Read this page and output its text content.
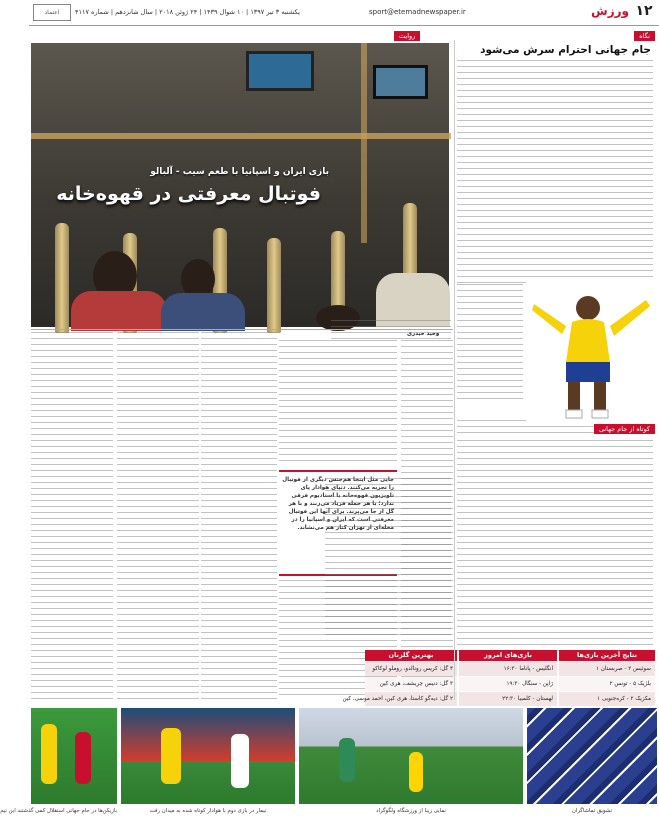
۱۲
ورزش
sport@etemadnewspaper.ir
یکشنبه ۳ تیر ۱۳۹۷ | ۱۰ شوال ۱۴۳۹ | ۲۴ ژوئن ۲۰۱۸ | سال شانزدهم | شماره ۴۱۱۷
اعتماد
روایت	نگاه
بازی ایران و اسپانیا با طعم سیب - آلبالو
فوتبال معرفتی در قهوه‌خانه
جام جهانی احترام سرش می‌شود
وحید حیدری
جایی مثل اینجا هم‌جنس دیگری از فوتبال را تجربه می‌کنند. دنیای هوادار پای تلویزیون قهوه‌خانه با استادیوم فرقی ندارد؛ با هر حمله فریاد می‌زنند و با هر گل از جا می‌پرند. برای آنها این فوتبال معرفتی است که ایران و اسپانیا را در محله‌ای از تهران کنار هم می‌نشاند.
کوتاه از جام جهانی
نتایج آخرین بازی‌ها
سوئیس ۲ - صربستان ۱
بلژیک ۵ - تونس ۲
مکزیک ۲ - کره‌جنوبی ۱
بازی‌های امروز
انگلیس - پاناما ۱۶:۳۰
ژاپن - سنگال ۱۹:۳۰
لهستان - کلمبیا ۲۲:۳۰
بهترین گلزنان
۴ گل: کریس رونالدو، روملو لوکاکو
۳ گل: دنیس چریشف، هری کین
۲ گل: دیه‌گو کاستا، هری کین، احمد موسی، کین
تشویق تماشاگران
نمایی زیبا از ورزشگاه ولگوگراد
نیمار در بازی دوم با هوادار کوتاه شده به میدان رفت
بازیکن‌ها در جام جهانی استقلال کمی گذشتند این تیم
